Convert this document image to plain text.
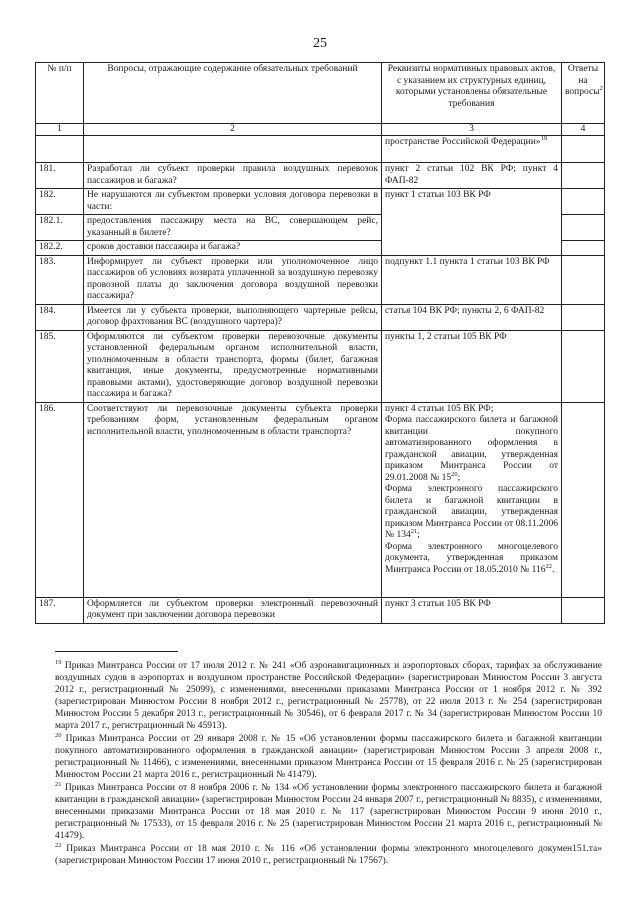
25
№ п/п	Вопросы, отражающие содержание обязательных требований	Реквизиты нормативных правовых актов, с указанием их структурных единиц, которыми установлены обязательные требования	Ответы на вопросы$^2$
1	2	3	4
		пространстве Российской Федерации»$^{19}$	
181.	Разработал ли субъект проверки правила воздушных перевозок пассажиров и багажа?	пункт 2 статьи 102 ВК РФ; пункт 4 ФАП-82	
182.	Не нарушаются ли субъектом проверки условия договора перевозки в части:	пункт 1 статьи 103 ВК РФ	
182.1.	предоставления пассажиру места на ВС, совершающем рейс, указанный в билете?		
182.2.	сроков доставки пассажира и багажа?		
183.	Информирует ли субъект проверки или уполномоченное лицо пассажиров об условиях возврата уплаченной за воздушную перевозку провозной платы до заключения договора воздушной перевозки пассажира?	подпункт 1.1 пункта 1 статьи 103 ВК РФ	
184.	Имеется ли у субъекта проверки, выполняющего чартерные рейсы, договор фрахтования ВС (воздушного чартера)?	статья 104 ВК РФ; пункты 2, 6 ФАП-82	
185.	Оформляются ли субъектом проверки перевозочные документы установленной федеральным органом исполнительной власти, уполномоченным в области транспорта, формы (билет, багажная квитанция, иные документы, предусмотренные нормативными правовыми актами), удостоверяющие договор воздушной перевозки пассажира и багажа?	пункты 1, 2 статьи 105 ВК РФ	
186.	Соответствуют ли перевозочные документы субъекта проверки требованиям форм, установленным федеральным органом исполнительной власти, уполномоченным в области транспорта?	пункт 4 статьи 105 ВК РФ;
Форма пассажирского билета и багажной квитанции покупного автоматизированного оформления в гражданской авиации, утвержденная приказом Минтранса России от 29.01.2008 № $15^{20}$;
Форма электронного пассажирского билета и багажной квитанции в гражданской авиации, утвержденная приказом Минтранса России от 08.11.2006 № $134^{21}$;
Форма электронного многоцелевого документа, утвержденная приказом Минтранса России от 18.05.2010 № $116^{22}$.	

187.	Оформляется ли субъектом проверки электронный перевозочный документ при заключении договора перевозки	пункт 3 статьи 105 ВК РФ	

$^{19}$ Приказ Минтранса России от 17 июля 2012 г. № 241 «Об аэронавигационных и аэропортовых сборах, тарифах за обслуживание воздушных судов в аэропортах и воздушном пространстве Российской Федерации» (зарегистрирован Минюстом России 3 августа 2012 г., регистрационный № 25099), с изменениями, внесенными приказами Минтранса России от 1 ноября 2012 г. № 392 (зарегистрирован Минюстом России 8 ноября 2012 г., регистрационный № 25778), от 22 июля 2013 г. № 254 (зарегистрирован Минюстом России 5 декабря 2013 г., регистрационный № 30546), от 6 февраля 2017 г. № 34 (зарегистрирован Минюстом России 10 марта 2017 г., регистрационный № 45913).

$^{20}$ Приказ Минтранса России от 29 января 2008 г. № 15 «Об установлении формы пассажирского билета и багажной квитанции покупного автоматизированного оформления в гражданской авиации» (зарегистрирован Минюстом России 3 апреля 2008 г., регистрационный № 11466), с изменениями, внесенными приказом Минтранса России от 15 февраля 2016 г. № 25 (зарегистрирован Минюстом России 21 марта 2016 г., регистрационный № 41479).

$^{21}$ Приказ Минтранса России от 8 ноября 2006 г. № 134 «Об установлении формы электронного пассажирского билета и багажной квитанции в гражданской авиации» (зарегистрирован Минюстом России 24 января 2007 г., регистрационный № 8835), с изменениями, внесенными приказами Минтранса России от 18 мая 2010 г. № 117 (зарегистрирован Минюстом России 9 июня 2010 г., регистрационный № 17533), от 15 февраля 2016 г. № 25 (зарегистрирован Минюстом России 21 марта 2016 г., регистрационный № 41479).

$^{22}$ Приказ Минтранса России от 18 мая 2010 г. № 116 «Об установлении формы электронного многоцелевого докумен151.та» (зарегистрирован Минюстом России 17 июня 2010 г., регистрационный № 17567).
